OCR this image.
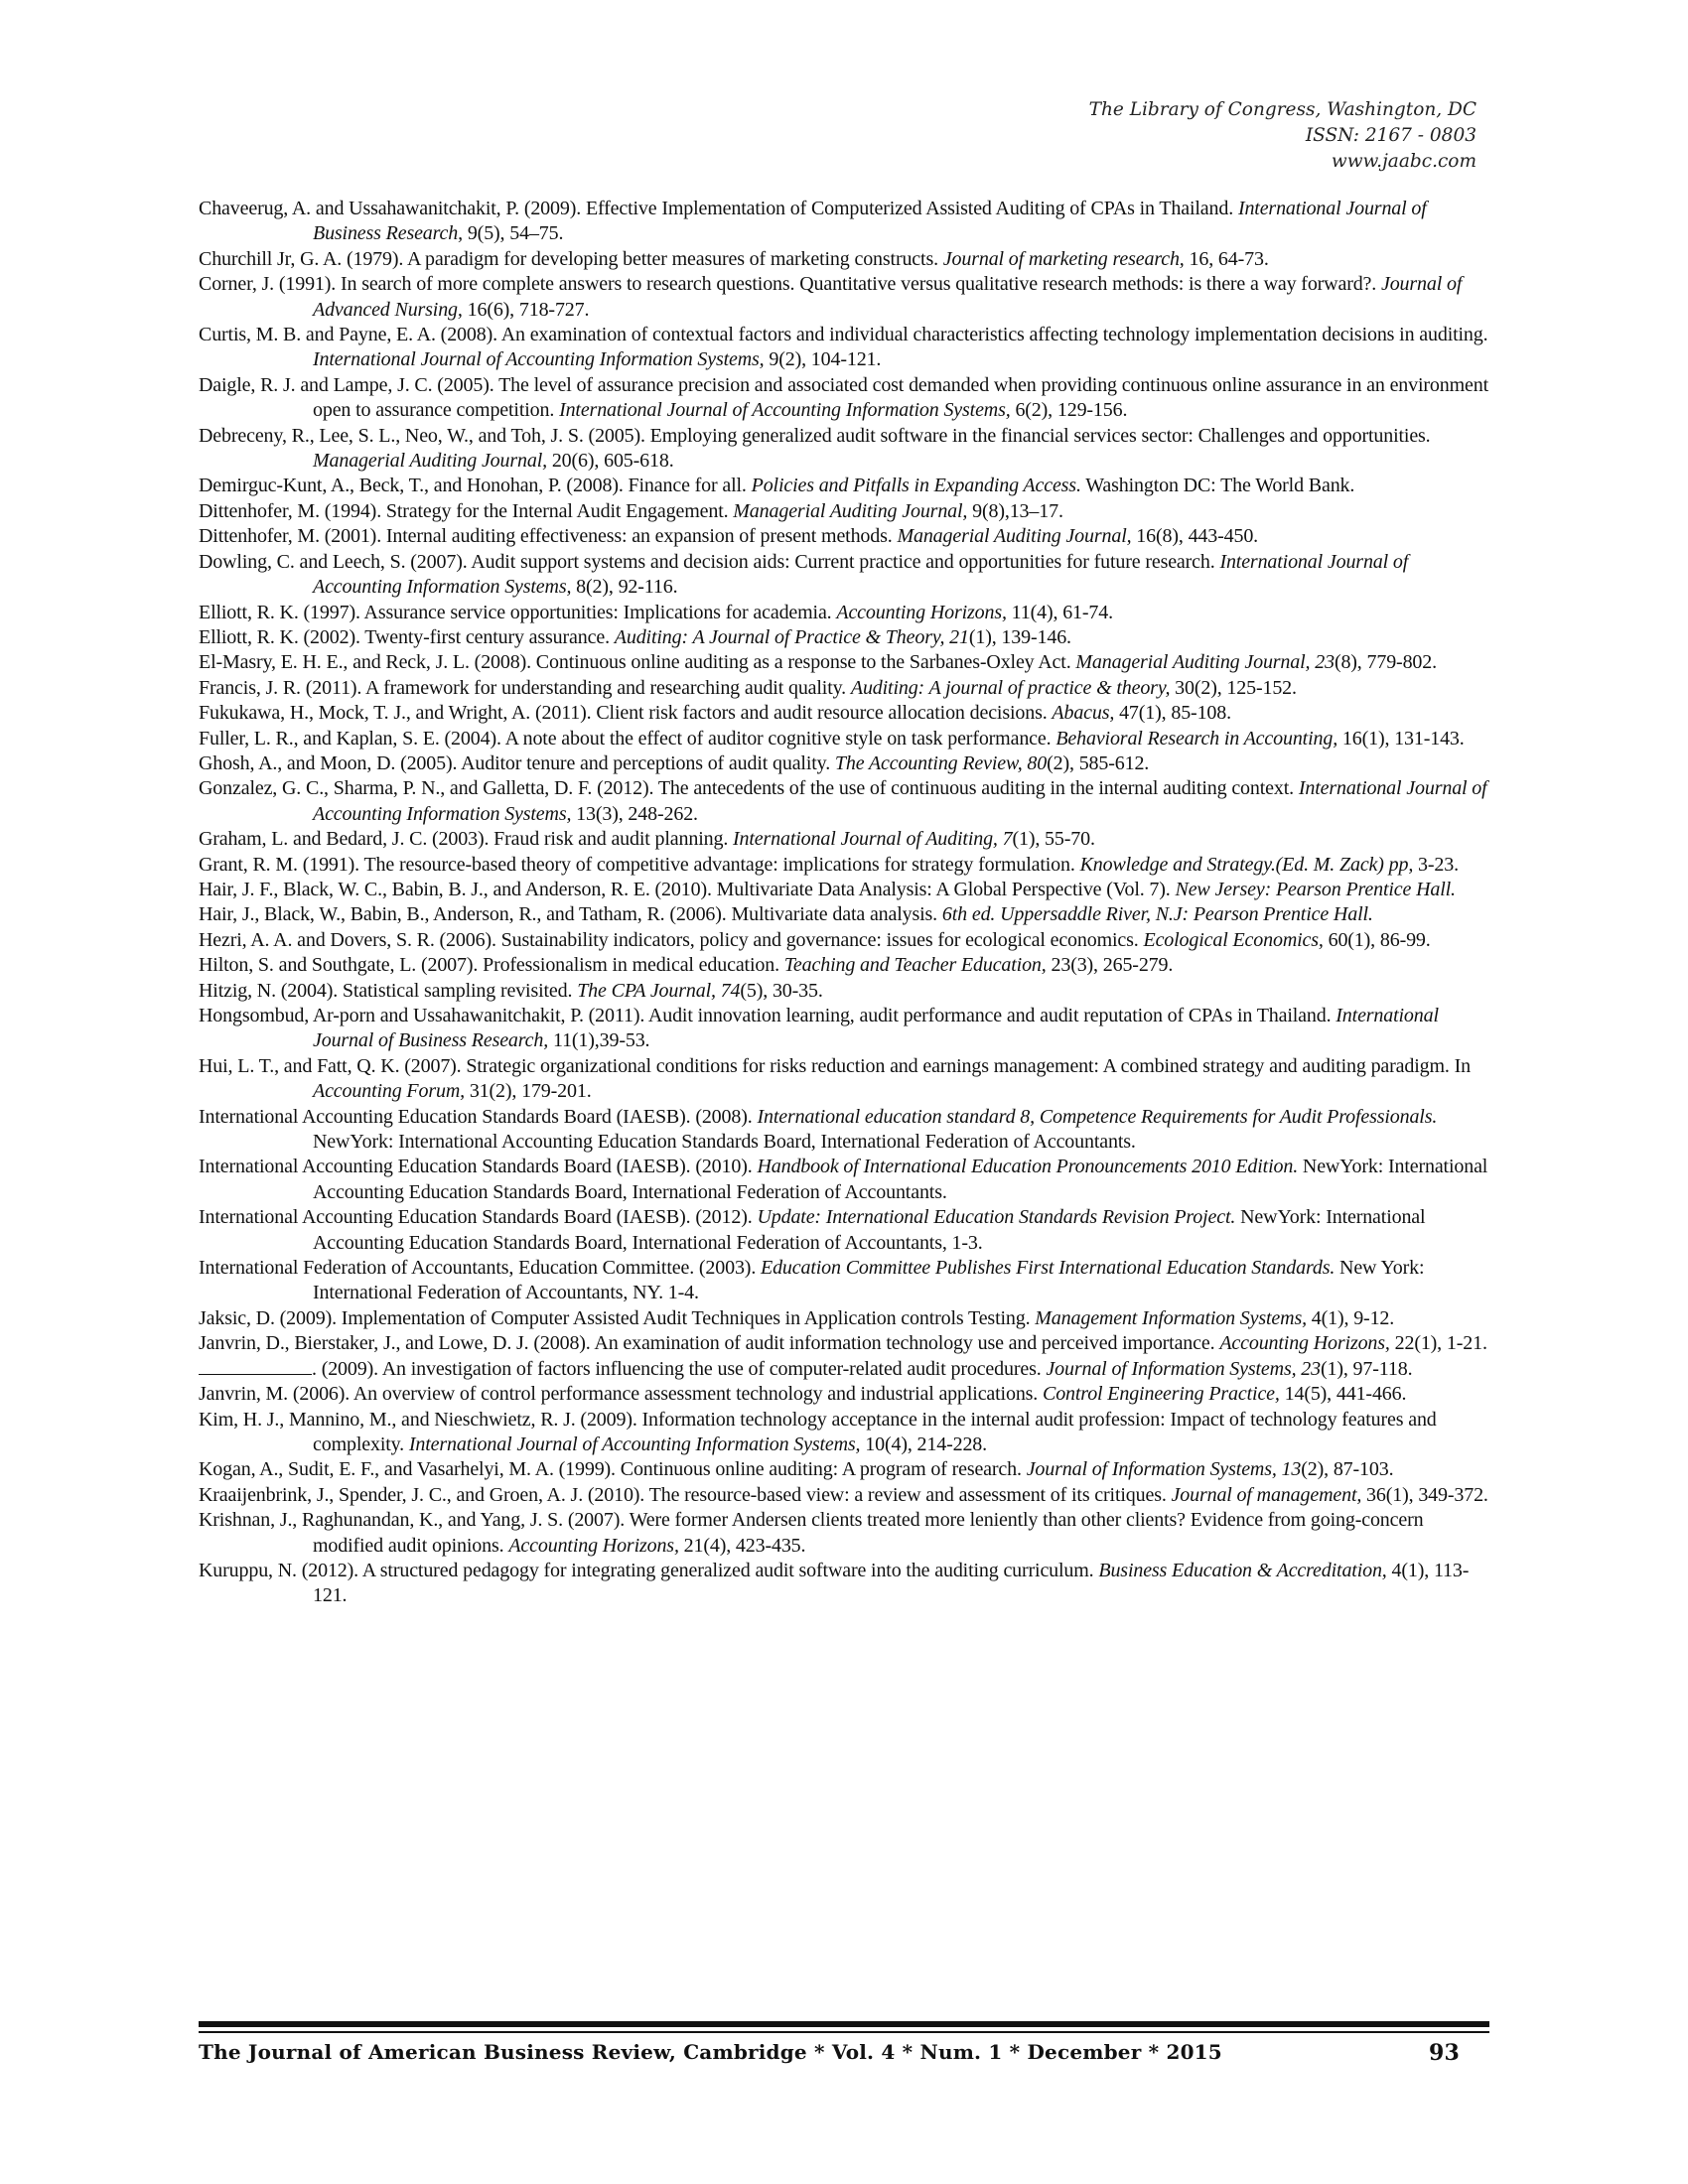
The Library of Congress, Washington, DC
ISSN: 2167 - 0803
www.jaabc.com
Chaveerug, A. and Ussahawanitchakit, P. (2009). Effective Implementation of Computerized Assisted Auditing of CPAs in Thailand. International Journal of Business Research, 9(5), 54–75.
Churchill Jr, G. A. (1979). A paradigm for developing better measures of marketing constructs. Journal of marketing research, 16, 64-73.
Corner, J. (1991). In search of more complete answers to research questions. Quantitative versus qualitative research methods: is there a way forward?. Journal of Advanced Nursing, 16(6), 718-727.
Curtis, M. B. and Payne, E. A. (2008). An examination of contextual factors and individual characteristics affecting technology implementation decisions in auditing. International Journal of Accounting Information Systems, 9(2), 104-121.
Daigle, R. J. and Lampe, J. C. (2005). The level of assurance precision and associated cost demanded when providing continuous online assurance in an environment open to assurance competition. International Journal of Accounting Information Systems, 6(2), 129-156.
Debreceny, R., Lee, S. L., Neo, W., and Toh, J. S. (2005). Employing generalized audit software in the financial services sector: Challenges and opportunities. Managerial Auditing Journal, 20(6), 605-618.
Demirguc-Kunt, A., Beck, T., and Honohan, P. (2008). Finance for all. Policies and Pitfalls in Expanding Access. Washington DC: The World Bank.
Dittenhofer, M. (1994). Strategy for the Internal Audit Engagement. Managerial Auditing Journal, 9(8),13–17.
Dittenhofer, M. (2001). Internal auditing effectiveness: an expansion of present methods. Managerial Auditing Journal, 16(8), 443-450.
Dowling, C. and Leech, S. (2007). Audit support systems and decision aids: Current practice and opportunities for future research. International Journal of Accounting Information Systems, 8(2), 92-116.
Elliott, R. K. (1997). Assurance service opportunities: Implications for academia. Accounting Horizons, 11(4), 61-74.
Elliott, R. K. (2002). Twenty-first century assurance. Auditing: A Journal of Practice & Theory, 21(1), 139-146.
El-Masry, E. H. E., and Reck, J. L. (2008). Continuous online auditing as a response to the Sarbanes-Oxley Act. Managerial Auditing Journal, 23(8), 779-802.
Francis, J. R. (2011). A framework for understanding and researching audit quality. Auditing: A journal of practice & theory, 30(2), 125-152.
Fukukawa, H., Mock, T. J., and Wright, A. (2011). Client risk factors and audit resource allocation decisions. Abacus, 47(1), 85-108.
Fuller, L. R., and Kaplan, S. E. (2004). A note about the effect of auditor cognitive style on task performance. Behavioral Research in Accounting, 16(1), 131-143.
Ghosh, A., and Moon, D. (2005). Auditor tenure and perceptions of audit quality. The Accounting Review, 80(2), 585-612.
Gonzalez, G. C., Sharma, P. N., and Galletta, D. F. (2012). The antecedents of the use of continuous auditing in the internal auditing context. International Journal of Accounting Information Systems, 13(3), 248-262.
Graham, L. and Bedard, J. C. (2003). Fraud risk and audit planning. International Journal of Auditing, 7(1), 55-70.
Grant, R. M. (1991). The resource-based theory of competitive advantage: implications for strategy formulation. Knowledge and Strategy.(Ed. M. Zack) pp, 3-23.
Hair, J. F., Black, W. C., Babin, B. J., and Anderson, R. E. (2010). Multivariate Data Analysis: A Global Perspective (Vol. 7). New Jersey: Pearson Prentice Hall.
Hair, J., Black, W., Babin, B., Anderson, R., and Tatham, R. (2006). Multivariate data analysis. 6th ed. Uppersaddle River, N.J: Pearson Prentice Hall.
Hezri, A. A. and Dovers, S. R. (2006). Sustainability indicators, policy and governance: issues for ecological economics. Ecological Economics, 60(1), 86-99.
Hilton, S. and Southgate, L. (2007). Professionalism in medical education. Teaching and Teacher Education, 23(3), 265-279.
Hitzig, N. (2004). Statistical sampling revisited. The CPA Journal, 74(5), 30-35.
Hongsombud, Ar-porn and Ussahawanitchakit, P. (2011). Audit innovation learning, audit performance and audit reputation of CPAs in Thailand. International Journal of Business Research, 11(1),39-53.
Hui, L. T., and Fatt, Q. K. (2007). Strategic organizational conditions for risks reduction and earnings management: A combined strategy and auditing paradigm. In Accounting Forum, 31(2), 179-201.
International Accounting Education Standards Board (IAESB). (2008). International education standard 8, Competence Requirements for Audit Professionals. NewYork: International Accounting Education Standards Board, International Federation of Accountants.
International Accounting Education Standards Board (IAESB). (2010). Handbook of International Education Pronouncements 2010 Edition. NewYork: International Accounting Education Standards Board, International Federation of Accountants.
International Accounting Education Standards Board (IAESB). (2012). Update: International Education Standards Revision Project. NewYork: International Accounting Education Standards Board, International Federation of Accountants, 1-3.
International Federation of Accountants, Education Committee. (2003). Education Committee Publishes First International Education Standards. New York: International Federation of Accountants, NY. 1-4.
Jaksic, D. (2009). Implementation of Computer Assisted Audit Techniques in Application controls Testing. Management Information Systems, 4(1), 9-12.
Janvrin, D., Bierstaker, J., and Lowe, D. J. (2008). An examination of audit information technology use and perceived importance. Accounting Horizons, 22(1), 1-21.
. (2009). An investigation of factors influencing the use of computer-related audit procedures. Journal of Information Systems, 23(1), 97-118.
Janvrin, M. (2006). An overview of control performance assessment technology and industrial applications. Control Engineering Practice, 14(5), 441-466.
Kim, H. J., Mannino, M., and Nieschwietz, R. J. (2009). Information technology acceptance in the internal audit profession: Impact of technology features and complexity. International Journal of Accounting Information Systems, 10(4), 214-228.
Kogan, A., Sudit, E. F., and Vasarhelyi, M. A. (1999). Continuous online auditing: A program of research. Journal of Information Systems, 13(2), 87-103.
Kraaijenbrink, J., Spender, J. C., and Groen, A. J. (2010). The resource-based view: a review and assessment of its critiques. Journal of management, 36(1), 349-372.
Krishnan, J., Raghunandan, K., and Yang, J. S. (2007). Were former Andersen clients treated more leniently than other clients? Evidence from going-concern modified audit opinions. Accounting Horizons, 21(4), 423-435.
Kuruppu, N. (2012). A structured pedagogy for integrating generalized audit software into the auditing curriculum. Business Education & Accreditation, 4(1), 113-121.
The Journal of American Business Review, Cambridge * Vol. 4 * Num. 1 * December * 2015	93
